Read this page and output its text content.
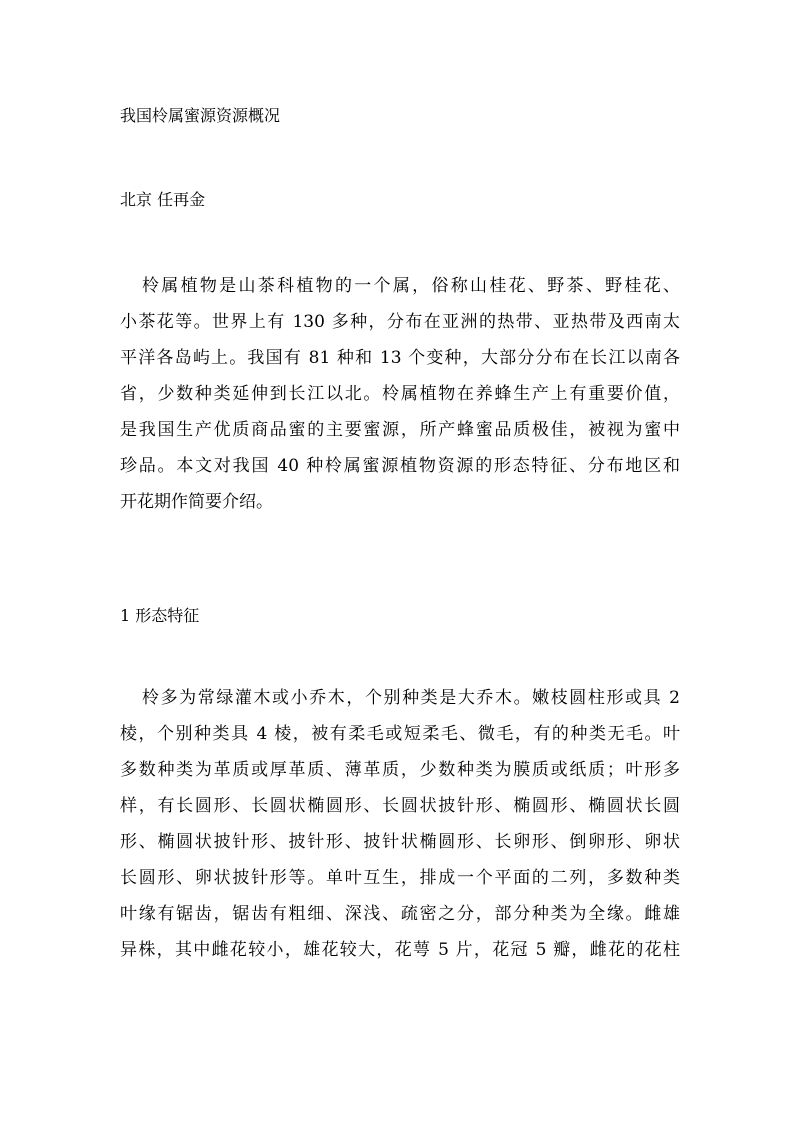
我国柃属蜜源资源概况
北京 任再金
柃属植物是山茶科植物的一个属，俗称山桂花、野茶、野桂花、
小茶花等。世界上有 130 多种，分布在亚洲的热带、亚热带及西南太
平洋各岛屿上。我国有 81 种和 13 个变种，大部分分布在长江以南各
省，少数种类延伸到长江以北。柃属植物在养蜂生产上有重要价值，
是我国生产优质商品蜜的主要蜜源，所产蜂蜜品质极佳，被视为蜜中
珍品。本文对我国 40 种柃属蜜源植物资源的形态特征、分布地区和
开花期作简要介绍。
1 形态特征
柃多为常绿灌木或小乔木，个别种类是大乔木。嫩枝圆柱形或具 2
棱，个别种类具 4 棱，被有柔毛或短柔毛、微毛，有的种类无毛。叶
多数种类为革质或厚革质、薄革质，少数种类为膜质或纸质；叶形多
样，有长圆形、长圆状椭圆形、长圆状披针形、椭圆形、椭圆状长圆
形、椭圆状披针形、披针形、披针状椭圆形、长卵形、倒卵形、卵状
长圆形、卵状披针形等。单叶互生，排成一个平面的二列，多数种类
叶缘有锯齿，锯齿有粗细、深浅、疏密之分，部分种类为全缘。雌雄
异株，其中雌花较小，雄花较大，花萼 5 片，花冠 5 瓣，雌花的花柱
